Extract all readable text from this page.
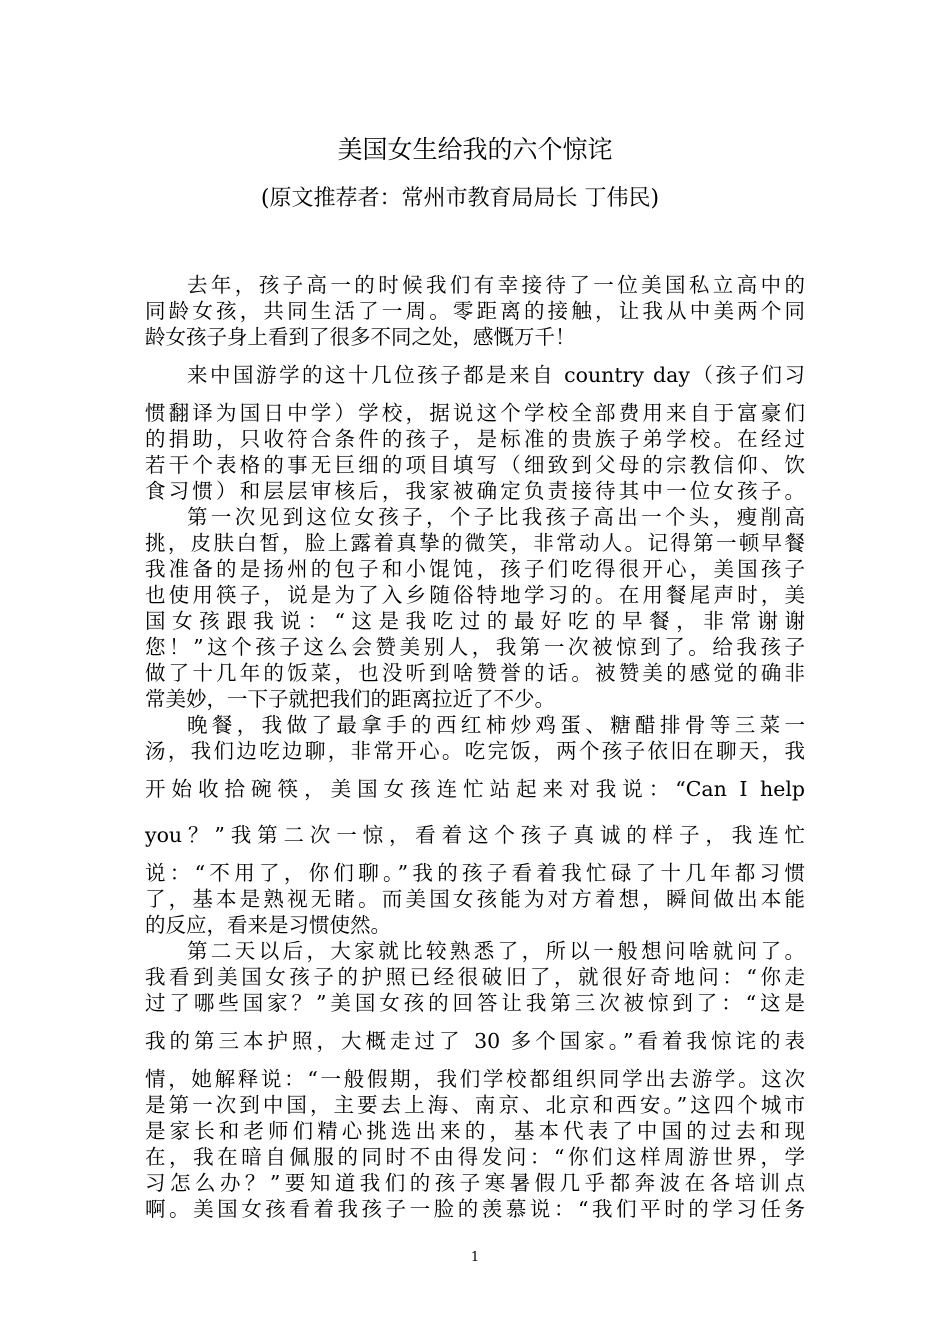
美国女生给我的六个惊诧
(原文推荐者：常州市教育局局长 丁伟民)
去年，孩子高一的时候我们有幸接待了一位美国私立高中的
同龄女孩，共同生活了一周。零距离的接触，让我从中美两个同
龄女孩子身上看到了很多不同之处，感慨万千！
来中国游学的这十几位孩子都是来自 country day（孩子们习
惯翻译为国日中学）学校，据说这个学校全部费用来自于富豪们
的捐助，只收符合条件的孩子，是标准的贵族子弟学校。在经过
若干个表格的事无巨细的项目填写（细致到父母的宗教信仰、饮
食习惯）和层层审核后，我家被确定负责接待其中一位女孩子。
第一次见到这位女孩子，个子比我孩子高出一个头，瘦削高
挑，皮肤白皙，脸上露着真挚的微笑，非常动人。记得第一顿早餐
我准备的是扬州的包子和小馄饨，孩子们吃得很开心，美国孩子
也使用筷子，说是为了入乡随俗特地学习的。在用餐尾声时，美
国女孩跟我说：“这是我吃过的最好吃的早餐，非常谢谢
您！”这个孩子这么会赞美别人，我第一次被惊到了。给我孩子
做了十几年的饭菜，也没听到啥赞誉的话。被赞美的感觉的确非
常美妙，一下子就把我们的距离拉近了不少。
晚餐，我做了最拿手的西红柿炒鸡蛋、糖醋排骨等三菜一
汤，我们边吃边聊，非常开心。吃完饭，两个孩子依旧在聊天，我
开始收拾碗筷，美国女孩连忙站起来对我说：“Can I help
you？”我第二次一惊，看着这个孩子真诚的样子，我连忙
说：“不用了，你们聊。”我的孩子看着我忙碌了十几年都习惯
了，基本是熟视无睹。而美国女孩能为对方着想，瞬间做出本能
的反应，看来是习惯使然。
第二天以后，大家就比较熟悉了，所以一般想问啥就问了。
我看到美国女孩子的护照已经很破旧了，就很好奇地问：“你走
过了哪些国家？”美国女孩的回答让我第三次被惊到了：“这是
我的第三本护照，大概走过了 30 多个国家。”看着我惊诧的表
情，她解释说：“一般假期，我们学校都组织同学出去游学。这次
是第一次到中国，主要去上海、南京、北京和西安。”这四个城市
是家长和老师们精心挑选出来的，基本代表了中国的过去和现
在，我在暗自佩服的同时不由得发问：“你们这样周游世界，学
习怎么办？”要知道我们的孩子寒暑假几乎都奔波在各培训点
啊。美国女孩看着我孩子一脸的羡慕说：“我们平时的学习任务
1
